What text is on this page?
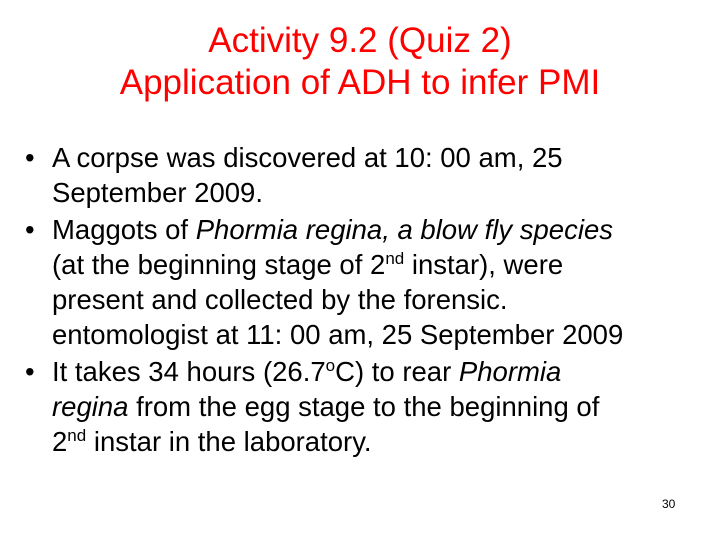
Activity 9.2 (Quiz 2)
Application of ADH to infer PMI
• A corpse was discovered at 10: 00 am, 25
September 2009.
• Maggots of Phormia regina, a blow fly species
(at the beginning stage of 2nd instar), were
present and collected by the forensic.
entomologist at 11: 00 am, 25 September 2009
• It takes 34 hours (26.7$^o$C) to rear Phormia
regina from the egg stage to the beginning of
2nd instar in the laboratory.
30
